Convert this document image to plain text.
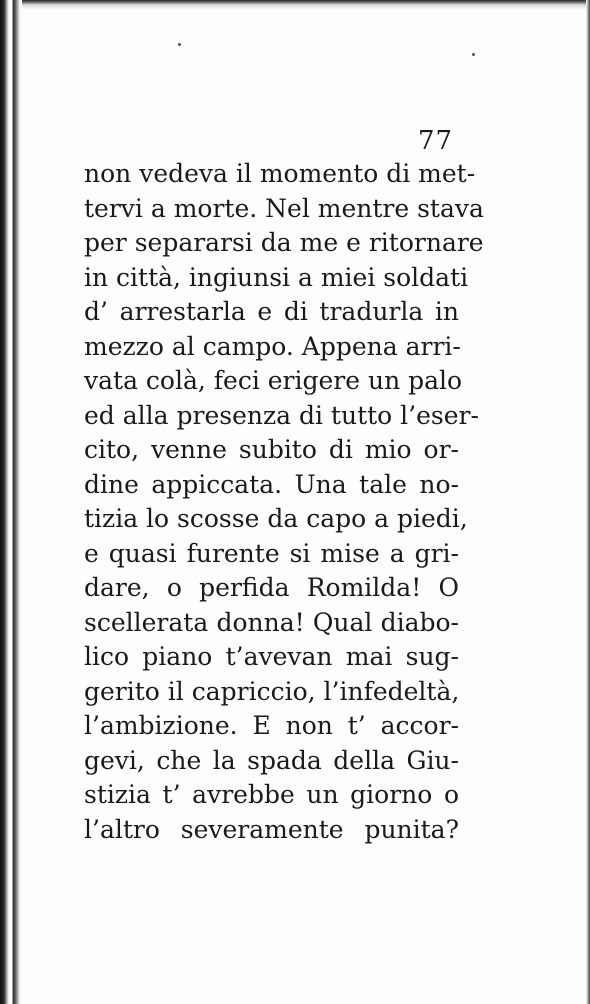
77
non vedeva il momento di met-
tervi a morte. Nel mentre stava
per separarsi da me e ritornare
in città, ingiunsi a miei soldati
d’ arrestarla e di tradurla in
mezzo al campo. Appena arri-
vata colà, feci erigere un palo
ed alla presenza di tutto l’eser-
cito, venne subito di mio or-
dine appiccata. Una tale no-
tizia lo scosse da capo a piedi,
e quasi furente si mise a gri-
dare, o perfida Romilda! O
scellerata donna! Qual diabo-
lico piano t’avevan mai sug-
gerito il capriccio, l’infedeltà,
l’ambizione. E non t’ accor-
gevi, che la spada della Giu-
stizia t’ avrebbe un giorno o
l’altro severamente punita?
